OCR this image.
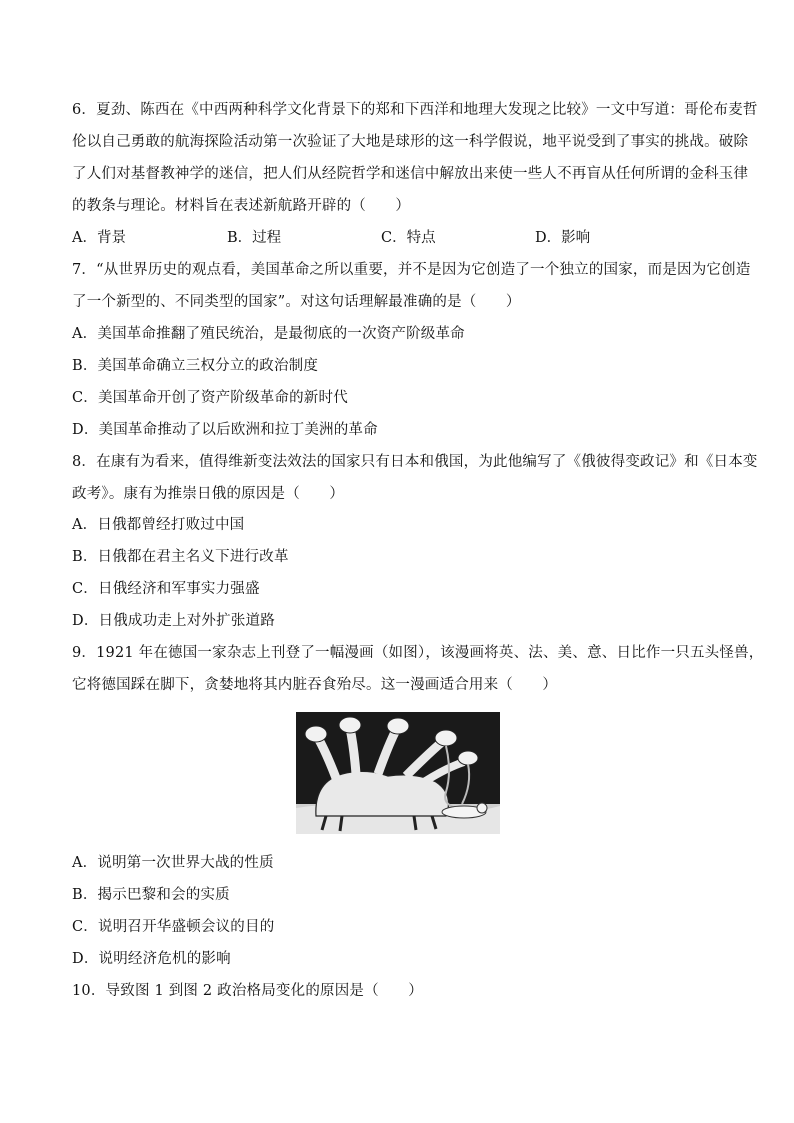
6．夏劲、陈西在《中西两种科学文化背景下的郑和下西洋和地理大发现之比较》一文中写道：哥伦布麦哲
伦以自己勇敢的航海探险活动第一次验证了大地是球形的这一科学假说，地平说受到了事实的挑战。破除
了人们对基督教神学的迷信，把人们从经院哲学和迷信中解放出来使一些人不再盲从任何所谓的金科玉律
的教条与理论。材料旨在表述新航路开辟的（　　）
A．背景	B．过程	C．特点	D．影响
7．“从世界历史的观点看，美国革命之所以重要，并不是因为它创造了一个独立的国家，而是因为它创造
了一个新型的、不同类型的国家”。对这句话理解最准确的是（　　）
A．美国革命推翻了殖民统治，是最彻底的一次资产阶级革命
B．美国革命确立三权分立的政治制度
C．美国革命开创了资产阶级革命的新时代
D．美国革命推动了以后欧洲和拉丁美洲的革命
8．在康有为看来，值得维新变法效法的国家只有日本和俄国，为此他编写了《俄彼得变政记》和《日本变
政考》。康有为推崇日俄的原因是（　　）
A．日俄都曾经打败过中国
B．日俄都在君主名义下进行改革
C．日俄经济和军事实力强盛
D．日俄成功走上对外扩张道路
9．1921 年在德国一家杂志上刊登了一幅漫画（如图），该漫画将英、法、美、意、日比作一只五头怪兽，
它将德国踩在脚下，贪婪地将其内脏吞食殆尽。这一漫画适合用来（　　）
A．说明第一次世界大战的性质
B．揭示巴黎和会的实质
C．说明召开华盛顿会议的目的
D．说明经济危机的影响
10．导致图 1 到图 2 政治格局变化的原因是（　　）
